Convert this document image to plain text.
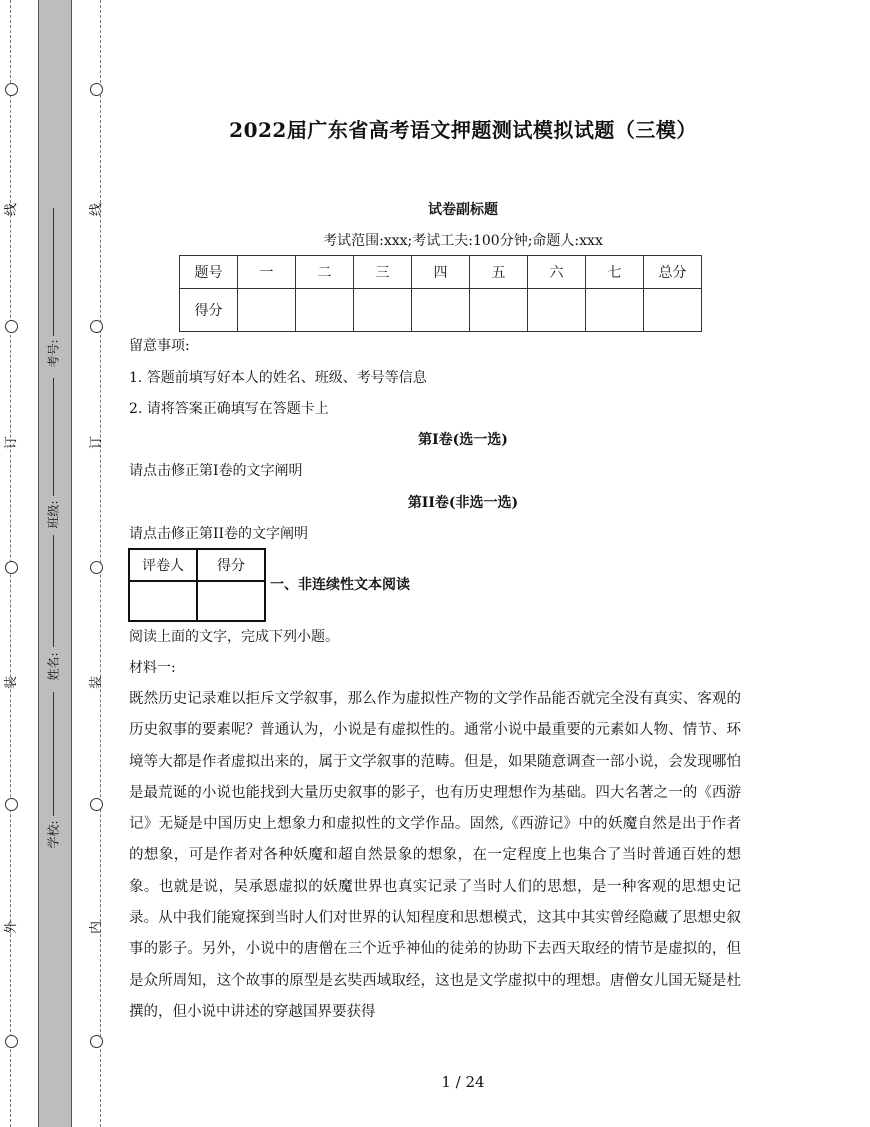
线
订
装
外
线
订
装
内
考号:
班级:
姓名:
学校:
2022届广东省高考语文押题测试模拟试题（三模）
试卷副标题
考试范围:xxx;考试工夫:100分钟;命题人:xxx
题号	一	二	三	四	五	六	七	总分
得分								
留意事项:
1. 答题前填写好本人的姓名、班级、考号等信息
2. 请将答案正确填写在答题卡上
第I卷(选一选)
请点击修正第I卷的文字阐明
第II卷(非选一选)
请点击修正第II卷的文字阐明
评卷人	得分

一、非连续性文本阅读
阅读上面的文字，完成下列小题。
材料一:

既然历史记录难以拒斥文学叙事，那么作为虚拟性产物的文学作品能否就完全没有真实、客观的历史叙事的要素呢？普通认为，小说是有虚拟性的。通常小说中最重要的元素如人物、情节、环境等大都是作者虚拟出来的，属于文学叙事的范畴。但是，如果随意调查一部小说，会发现哪怕是最荒诞的小说也能找到大量历史叙事的影子，也有历史理想作为基础。四大名著之一的《西游记》无疑是中国历史上想象力和虚拟性的文学作品。固然,《西游记》中的妖魔自然是出于作者的想象，可是作者对各种妖魔和超自然景象的想象，在一定程度上也集合了当时普通百姓的想象。也就是说，吴承恩虚拟的妖魔世界也真实记录了当时人们的思想，是一种客观的思想史记录。从中我们能窥探到当时人们对世界的认知程度和思想模式，这其中其实曾经隐藏了思想史叙事的影子。另外，小说中的唐僧在三个近乎神仙的徒弟的协助下去西天取经的情节是虚拟的，但是众所周知，这个故事的原型是玄奘西域取经，这也是文学虚拟中的理想。唐僧女儿国无疑是杜撰的，但小说中讲述的穿越国界要获得

1 / 24
